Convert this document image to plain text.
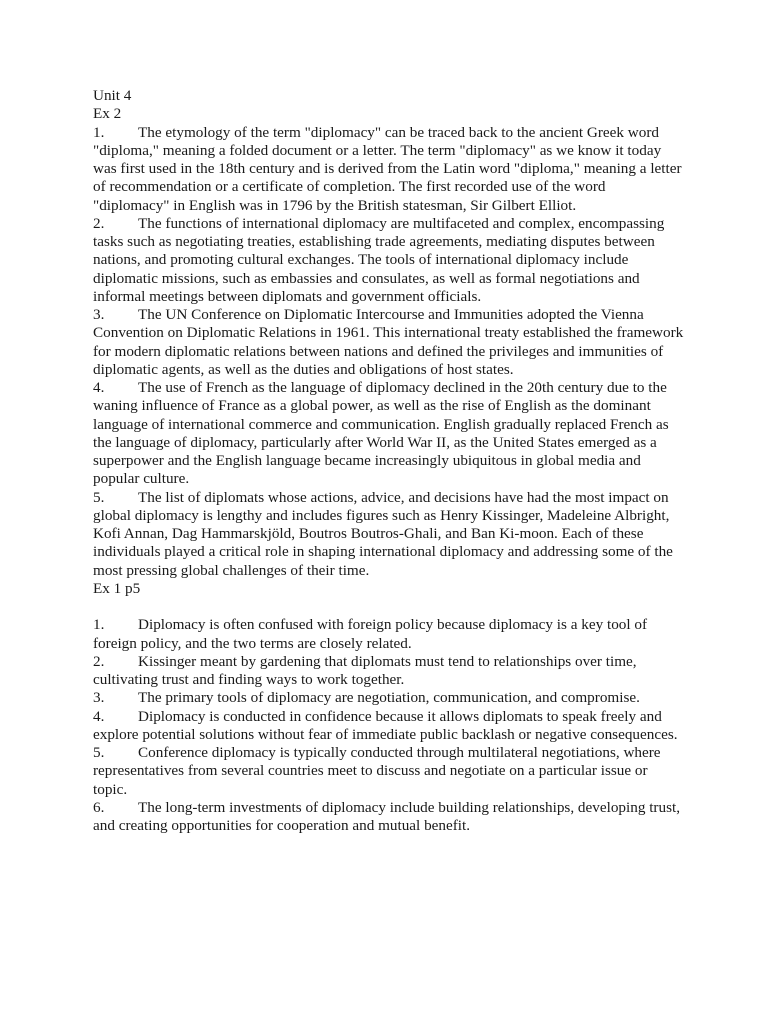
Unit 4
Ex 2

1. The etymology of the term "diplomacy" can be traced back to the ancient Greek word "diploma," meaning a folded document or a letter. The term "diplomacy" as we know it today was first used in the 18th century and is derived from the Latin word "diploma," meaning a letter of recommendation or a certificate of completion. The first recorded use of the word "diplomacy" in English was in 1796 by the British statesman, Sir Gilbert Elliot.

2. The functions of international diplomacy are multifaceted and complex, encompassing tasks such as negotiating treaties, establishing trade agreements, mediating disputes between nations, and promoting cultural exchanges. The tools of international diplomacy include diplomatic missions, such as embassies and consulates, as well as formal negotiations and informal meetings between diplomats and government officials.

3. The UN Conference on Diplomatic Intercourse and Immunities adopted the Vienna Convention on Diplomatic Relations in 1961. This international treaty established the framework for modern diplomatic relations between nations and defined the privileges and immunities of diplomatic agents, as well as the duties and obligations of host states.

4. The use of French as the language of diplomacy declined in the 20th century due to the waning influence of France as a global power, as well as the rise of English as the dominant language of international commerce and communication. English gradually replaced French as the language of diplomacy, particularly after World War II, as the United States emerged as a superpower and the English language became increasingly ubiquitous in global media and popular culture.

5. The list of diplomats whose actions, advice, and decisions have had the most impact on global diplomacy is lengthy and includes figures such as Henry Kissinger, Madeleine Albright, Kofi Annan, Dag Hammarskjöld, Boutros Boutros-Ghali, and Ban Ki-moon. Each of these individuals played a critical role in shaping international diplomacy and addressing some of the most pressing global challenges of their time.

Ex 1 p5

1. Diplomacy is often confused with foreign policy because diplomacy is a key tool of foreign policy, and the two terms are closely related.

2. Kissinger meant by gardening that diplomats must tend to relationships over time, cultivating trust and finding ways to work together.

3. The primary tools of diplomacy are negotiation, communication, and compromise.

4. Diplomacy is conducted in confidence because it allows diplomats to speak freely and explore potential solutions without fear of immediate public backlash or negative consequences.

5. Conference diplomacy is typically conducted through multilateral negotiations, where representatives from several countries meet to discuss and negotiate on a particular issue or topic.

6. The long-term investments of diplomacy include building relationships, developing trust, and creating opportunities for cooperation and mutual benefit.
